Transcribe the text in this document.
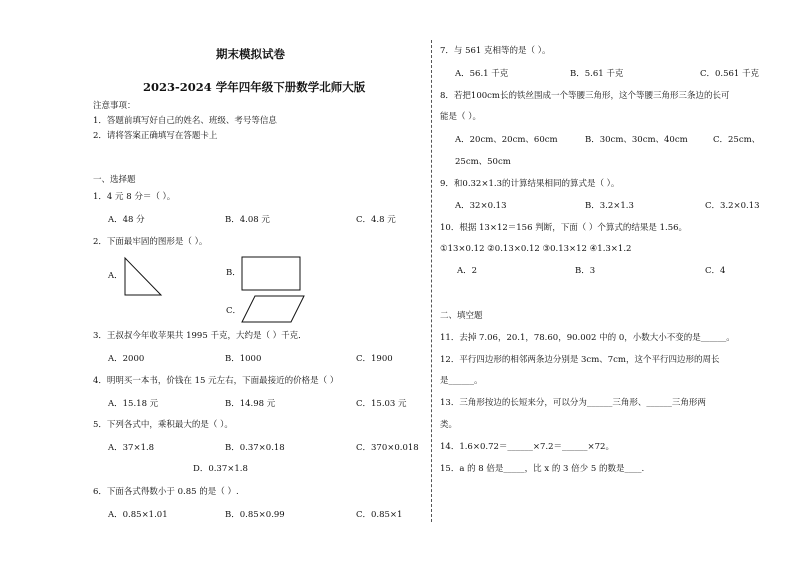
期末模拟试卷
2023-2024 学年四年级下册数学北师大版
注意事项：
1．答题前填写好自己的姓名、班级、考号等信息
2．请将答案正确填写在答题卡上
一、选择题
1．4 元 8 分＝（ ）。
A．48 分	B．4.08 元	C．4.8 元
2．下面最牢固的图形是（ ）。
A．	B．
C．
3．王叔叔今年收苹果共 1995 千克，大约是（ ）千克．
A．2000	B．1000	C．1900
4．明明买一本书，价钱在 15 元左右，下面最接近的价格是（ ）
A．15.18 元	B．14.98 元	C．15.03 元
5．下列各式中，乘积最大的是（ ）。
A．37×1.8	B．0.37×0.18	C．370×0.018
D．0.37×1.8
6．下面各式得数小于 0.85 的是（ ）.
A．0.85×1.01	B．0.85×0.99	C．0.85×1
7．与 561 克相等的是（ ）。
A．56.1 千克	B．5.61 千克	C．0.561 千克
8．若把100cm长的铁丝围成一个等腰三角形，这个等腰三角形三条边的长可
能是（ ）。
A．20cm、20cm、60cm	B．30cm、30cm、40cm	C．25cm、
25cm、50cm
9．和0.32×1.3的计算结果相同的算式是（ ）。
A．32×0.13	B．3.2×1.3	C．3.2×0.13
10．根据 13×12＝156 判断，下面（ ）个算式的结果是 1.56。
①13×0.12 ②0.13×0.12 ③0.13×12 ④1.3×1.2
A．2	B．3	C．4
二、填空题
11．去掉 7.06，20.1，78.60，90.002 中的 0，小数大小不变的是______。
12．平行四边形的相邻两条边分别是 3cm、7cm，这个平行四边形的周长
是______。
13．三角形按边的长短来分，可以分为______三角形、______三角形两
类。
14．1.6×0.72＝______×7.2＝______×72。
15．a 的 8 倍是_____，比 x 的 3 倍少 5 的数是____.
